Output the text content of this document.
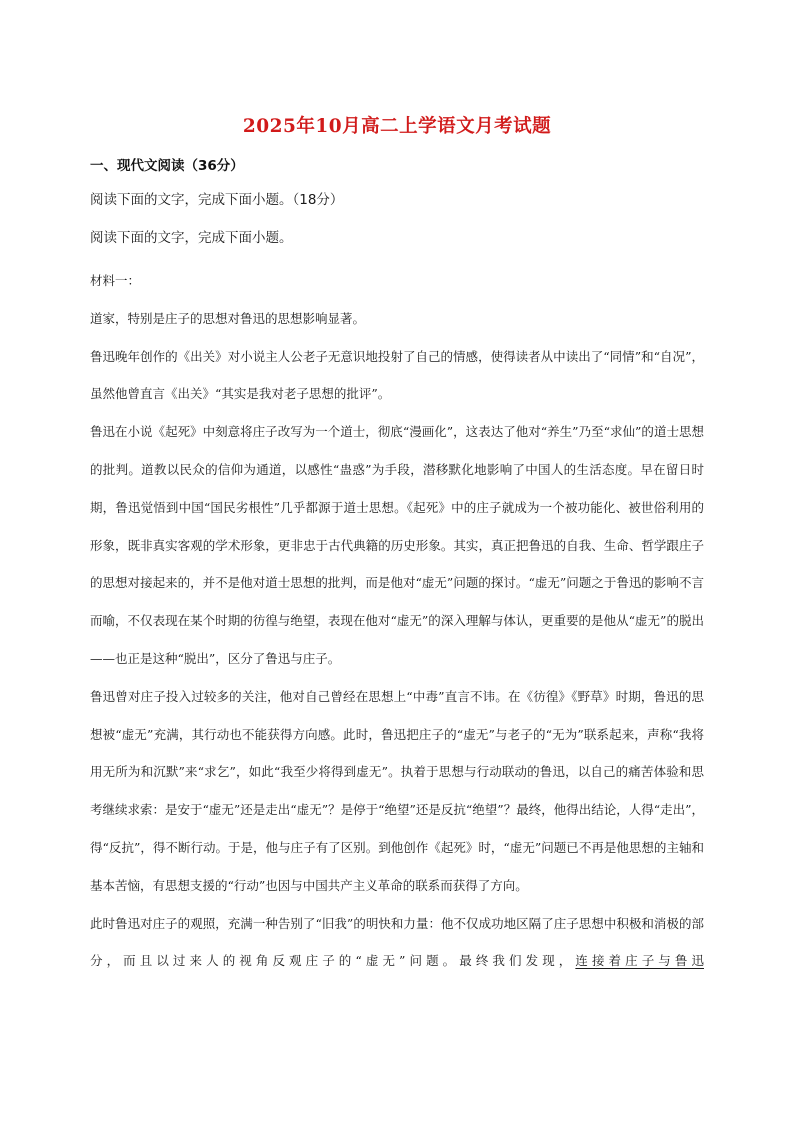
2025年10月高二上学语文月考试题
一、现代文阅读（36分）
阅读下面的文字，完成下面小题。（18分）
阅读下面的文字，完成下面小题。

材料一：

道家，特别是庄子的思想对鲁迅的思想影响显著。

鲁迅晚年创作的《出关》对小说主人公老子无意识地投射了自己的情感，使得读者从中读出了“同情”和“自况”，虽然他曾直言《出关》“其实是我对老子思想的批评”。

鲁迅在小说《起死》中刻意将庄子改写为一个道士，彻底“漫画化”，这表达了他对“养生”乃至“求仙”的道士思想的批判。道教以民众的信仰为通道，以感性“蛊惑”为手段，潜移默化地影响了中国人的生活态度。早在留日时期，鲁迅觉悟到中国“国民劣根性”几乎都源于道士思想。《起死》中的庄子就成为一个被功能化、被世俗利用的形象，既非真实客观的学术形象，更非忠于古代典籍的历史形象。其实，真正把鲁迅的自我、生命、哲学跟庄子的思想对接起来的，并不是他对道士思想的批判，而是他对“虚无”问题的探讨。“虚无”问题之于鲁迅的影响不言而喻，不仅表现在某个时期的彷徨与绝望，表现在他对“虚无”的深入理解与体认，更重要的是他从“虚无”的脱出——也正是这种“脱出”，区分了鲁迅与庄子。

鲁迅曾对庄子投入过较多的关注，他对自己曾经在思想上“中毒”直言不讳。在《彷徨》《野草》时期，鲁迅的思想被“虚无”充满，其行动也不能获得方向感。此时，鲁迅把庄子的“虚无”与老子的“无为”联系起来，声称“我将用无所为和沉默”来“求乞”，如此“我至少将得到虚无”。执着于思想与行动联动的鲁迅，以自己的痛苦体验和思考继续求索：是安于“虚无”还是走出“虚无”？是停于“绝望”还是反抗“绝望”？最终，他得出结论，人得“走出”，得“反抗”，得不断行动。于是，他与庄子有了区别。到他创作《起死》时，“虚无”问题已不再是他思想的主轴和基本苦恼，有思想支援的“行动”也因与中国共产主义革命的联系而获得了方向。

此时鲁迅对庄子的观照，充满一种告别了“旧我”的明快和力量：他不仅成功地区隔了庄子思想中积极和消极的部分，而且以过来人的视角反观庄子的“虚无”问题。最终我们发现，连接着庄子与鲁迅
